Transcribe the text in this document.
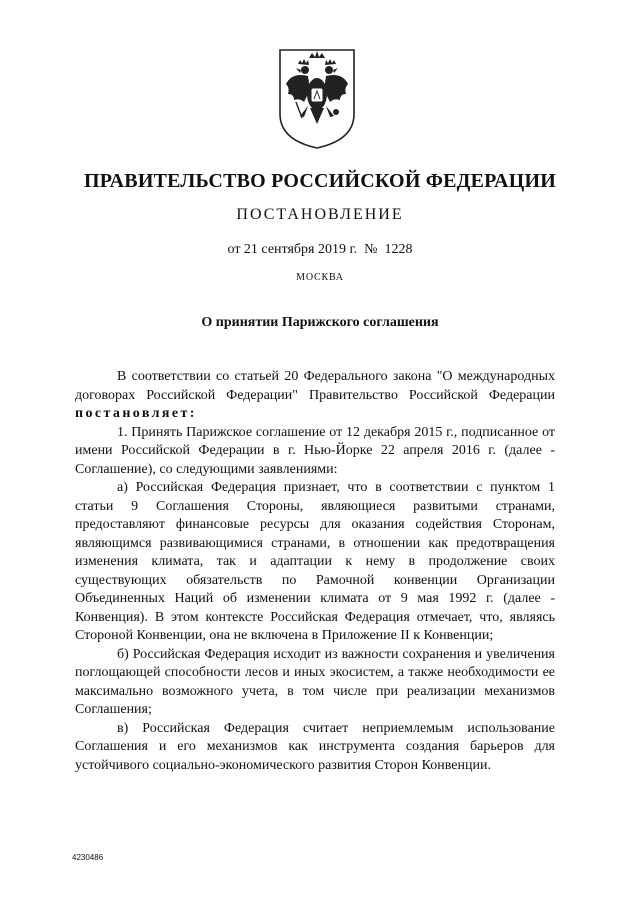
ПРАВИТЕЛЬСТВО РОССИЙСКОЙ ФЕДЕРАЦИИ
ПОСТАНОВЛЕНИЕ
от 21 сентября 2019 г.  №  1228
МОСКВА
О принятии Парижского соглашения

В соответствии со статьей 20 Федерального закона "О международных договорах Российской Федерации" Правительство Российской Федерации постановляет:

1. Принять Парижское соглашение от 12 декабря 2015 г., подписанное от имени Российской Федерации в г. Нью-Йорке 22 апреля 2016 г. (далее - Соглашение), со следующими заявлениями:

а) Российская Федерация признает, что в соответствии с пунктом 1 статьи 9 Соглашения Стороны, являющиеся развитыми странами, предоставляют финансовые ресурсы для оказания содействия Сторонам, являющимся развивающимися странами, в отношении как предотвращения изменения климата, так и адаптации к нему в продолжение своих существующих обязательств по Рамочной конвенции Организации Объединенных Наций об изменении климата от 9 мая 1992 г. (далее - Конвенция). В этом контексте Российская Федерация отмечает, что, являясь Стороной Конвенции, она не включена в Приложение II к Конвенции;

б) Российская Федерация исходит из важности сохранения и увеличения поглощающей способности лесов и иных экосистем, а также необходимости ее максимально возможного учета, в том числе при реализации механизмов Соглашения;

в) Российская Федерация считает неприемлемым использование Соглашения и его механизмов как инструмента создания барьеров для устойчивого социально-экономического развития Сторон Конвенции.

4230486
